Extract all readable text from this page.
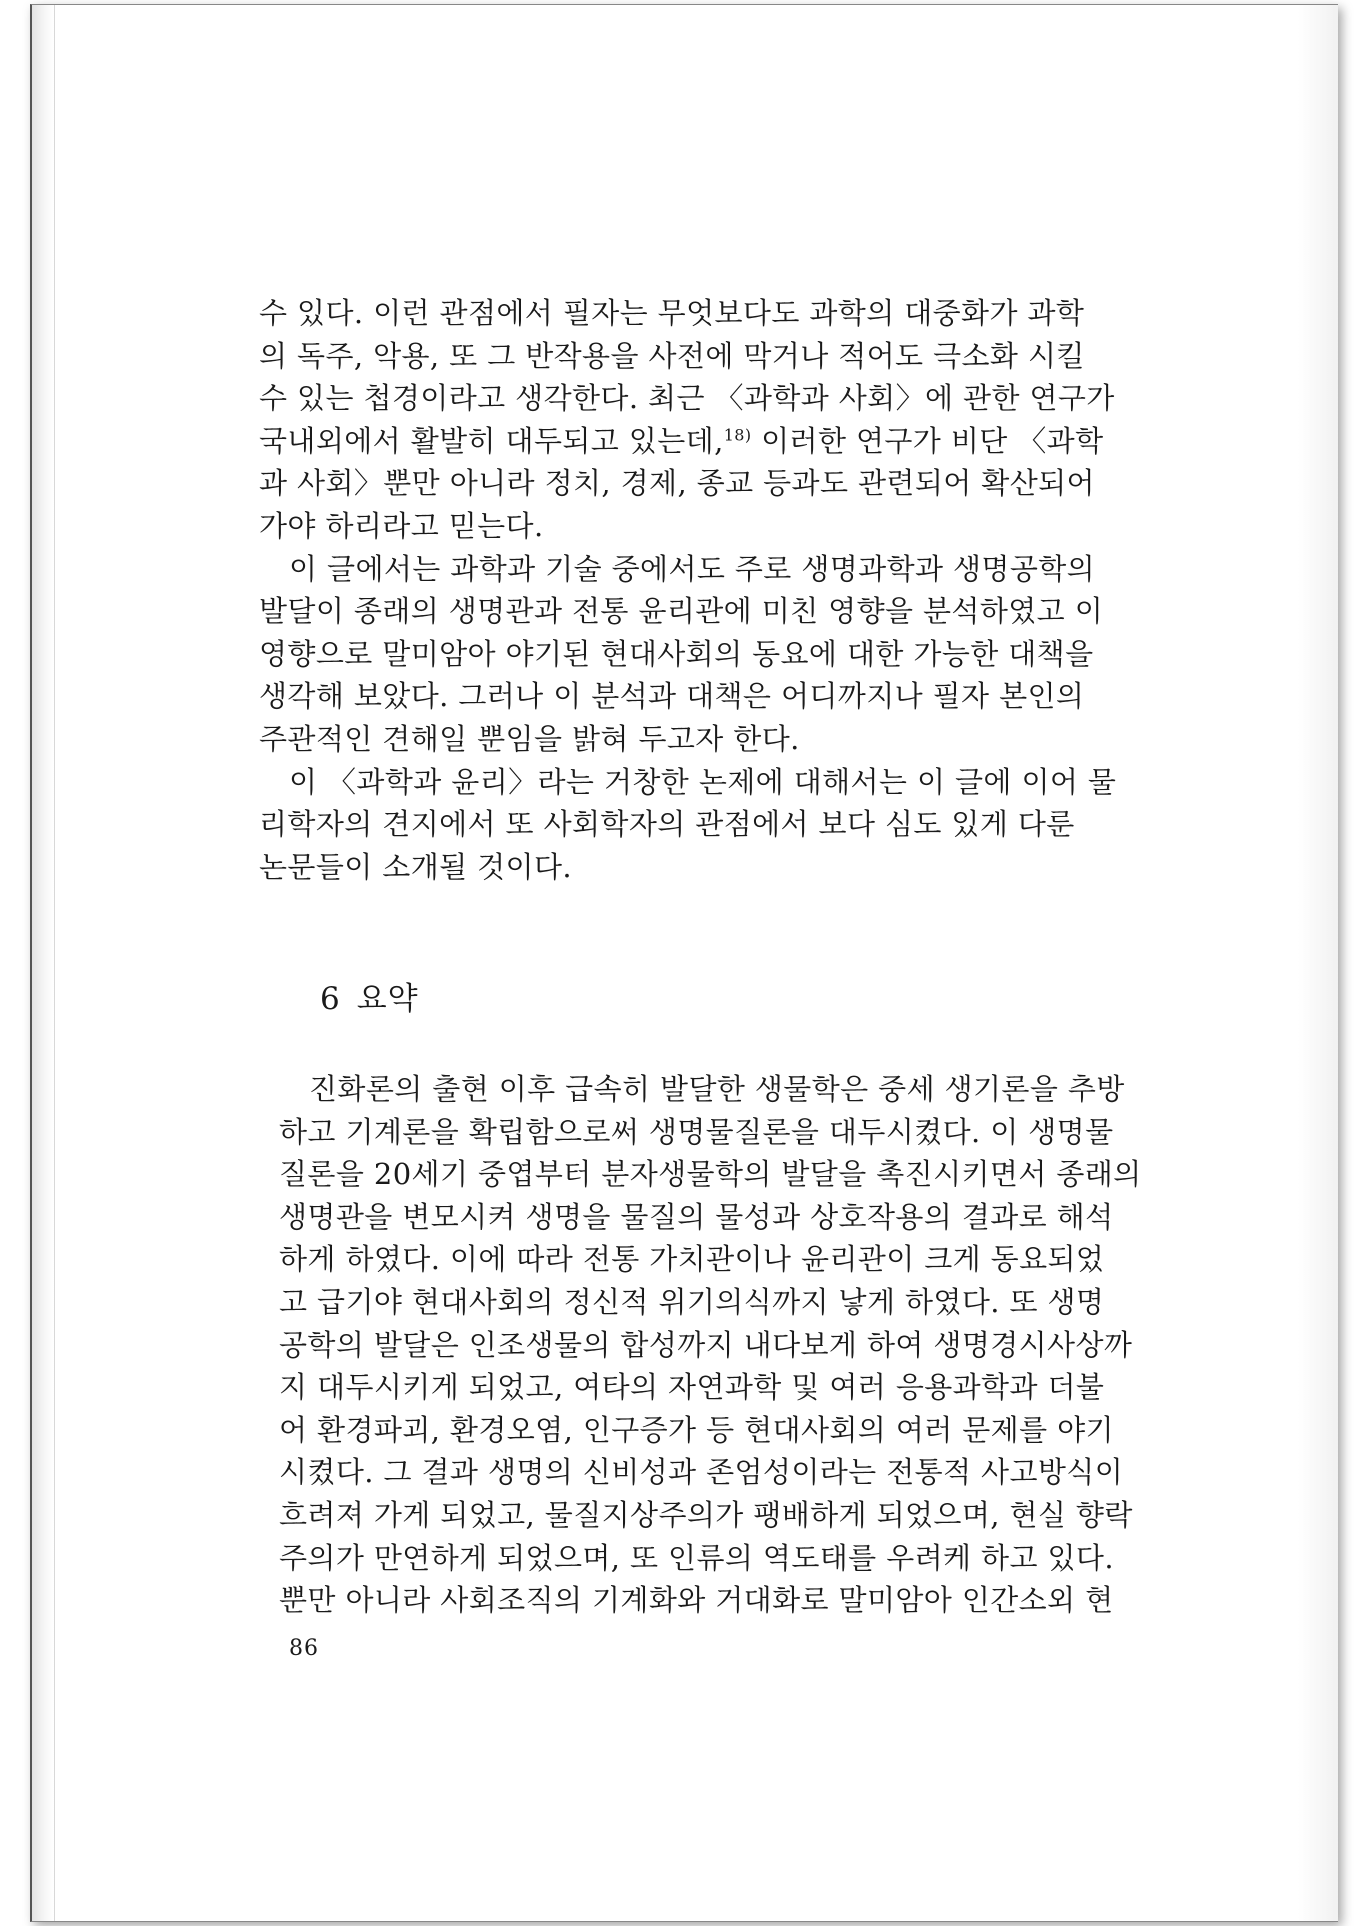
수 있다. 이런 관점에서 필자는 무엇보다도 과학의 대중화가 과학
의 독주, 악용, 또 그 반작용을 사전에 막거나 적어도 극소화 시킬
수 있는 첩경이라고 생각한다. 최근 〈과학과 사회〉에 관한 연구가
국내외에서 활발히 대두되고 있는데,$^{18)}$ 이러한 연구가 비단 〈과학
과 사회〉뿐만 아니라 정치, 경제, 종교 등과도 관련되어 확산되어
가야 하리라고 믿는다.

이 글에서는 과학과 기술 중에서도 주로 생명과학과 생명공학의
발달이 종래의 생명관과 전통 윤리관에 미친 영향을 분석하였고 이
영향으로 말미암아 야기된 현대사회의 동요에 대한 가능한 대책을
생각해 보았다. 그러나 이 분석과 대책은 어디까지나 필자 본인의
주관적인 견해일 뿐임을 밝혀 두고자 한다.

이 〈과학과 윤리〉라는 거창한 논제에 대해서는 이 글에 이어 물
리학자의 견지에서 또 사회학자의 관점에서 보다 심도 있게 다룬
논문들이 소개될 것이다.

6 요약

진화론의 출현 이후 급속히 발달한 생물학은 중세 생기론을 추방
하고 기계론을 확립함으로써 생명물질론을 대두시켰다. 이 생명물
질론을 20세기 중엽부터 분자생물학의 발달을 촉진시키면서 종래의
생명관을 변모시켜 생명을 물질의 물성과 상호작용의 결과로 해석
하게 하였다. 이에 따라 전통 가치관이나 윤리관이 크게 동요되었
고 급기야 현대사회의 정신적 위기의식까지 낳게 하였다. 또 생명
공학의 발달은 인조생물의 합성까지 내다보게 하여 생명경시사상까
지 대두시키게 되었고, 여타의 자연과학 및 여러 응용과학과 더불
어 환경파괴, 환경오염, 인구증가 등 현대사회의 여러 문제를 야기
시켰다. 그 결과 생명의 신비성과 존엄성이라는 전통적 사고방식이
흐려져 가게 되었고, 물질지상주의가 팽배하게 되었으며, 현실 향락
주의가 만연하게 되었으며, 또 인류의 역도태를 우려케 하고 있다.
뿐만 아니라 사회조직의 기계화와 거대화로 말미암아 인간소외 현

86
